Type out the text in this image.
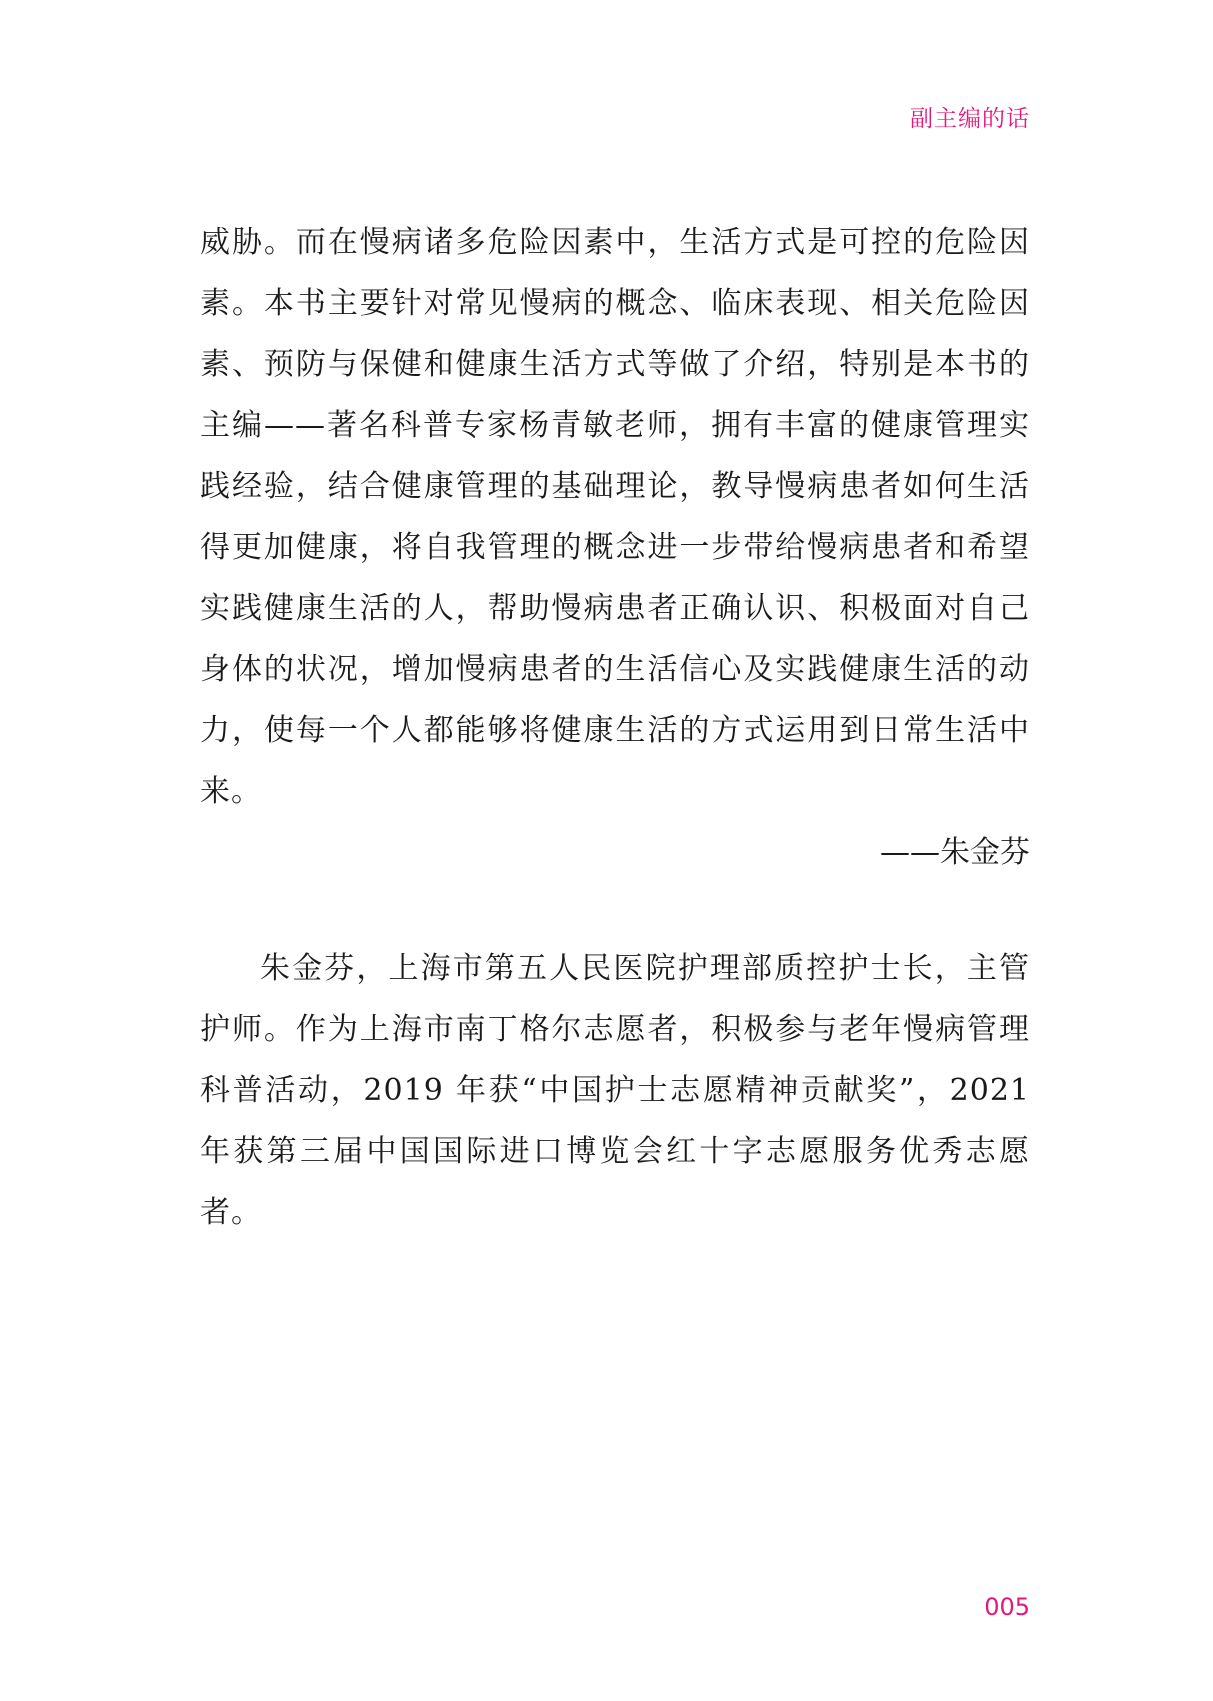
副主编的话

威胁。而在慢病诸多危险因素中，生活方式是可控的危险因素。本书主要针对常见慢病的概念、临床表现、相关危险因素、预防与保健和健康生活方式等做了介绍，特别是本书的主编——著名科普专家杨青敏老师，拥有丰富的健康管理实践经验，结合健康管理的基础理论，教导慢病患者如何生活得更加健康，将自我管理的概念进一步带给慢病患者和希望实践健康生活的人，帮助慢病患者正确认识、积极面对自己身体的状况，增加慢病患者的生活信心及实践健康生活的动力，使每一个人都能够将健康生活的方式运用到日常生活中来。

——朱金芬

朱金芬，上海市第五人民医院护理部质控护士长，主管护师。作为上海市南丁格尔志愿者，积极参与老年慢病管理科普活动，2019 年获“中国护士志愿精神贡献奖”，2021 年获第三届中国国际进口博览会红十字志愿服务优秀志愿者。

005
